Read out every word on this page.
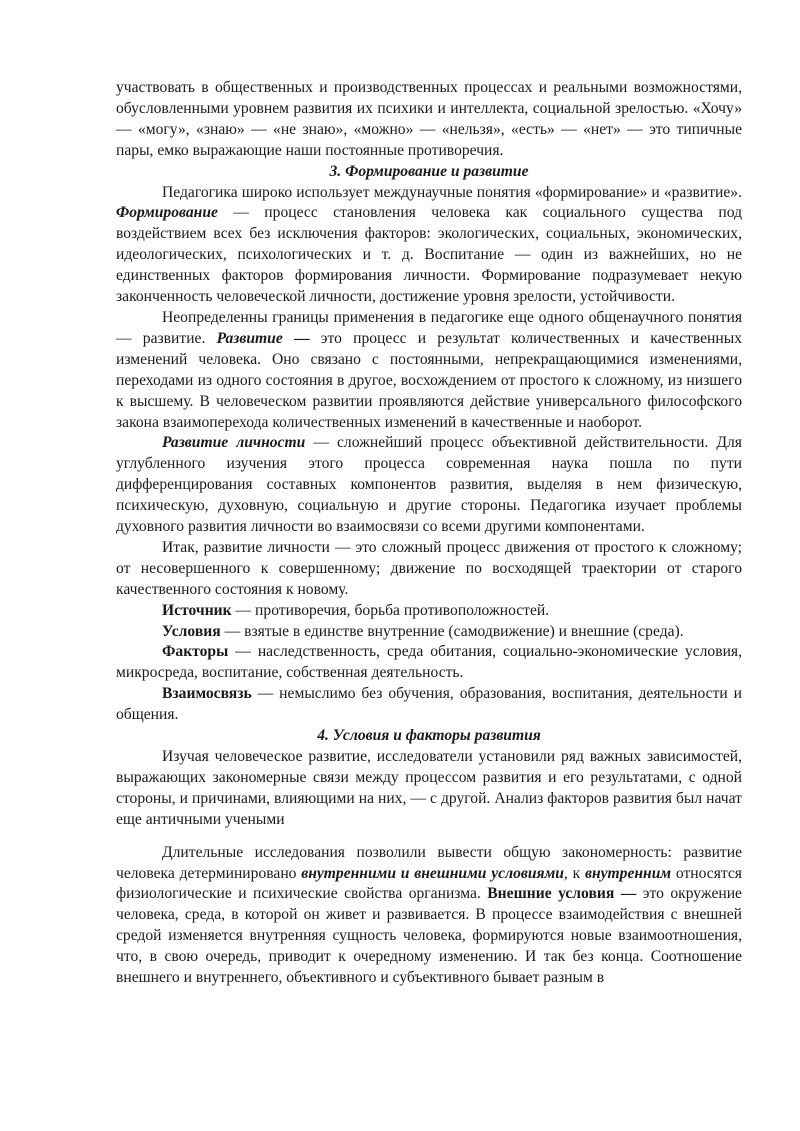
участвовать в общественных и производственных процессах и реальными возможностями, обусловленными уровнем развития их психики и интеллекта, социальной зрелостью. «Хочу» — «могу», «знаю» — «не знаю», «можно» — «нельзя», «есть» — «нет» — это типичные пары, емко выражающие наши постоянные противоречия.

3. Формирование и развитие

Педагогика широко использует междунаучные понятия «формирование» и «развитие». Формирование — процесс становления человека как социального существа под воздействием всех без исключения факторов: экологических, социальных, экономических, идеологических, психологических и т. д. Воспитание — один из важнейших, но не единственных факторов формирования личности. Формирование подразумевает некую законченность человеческой личности, достижение уровня зрелости, устойчивости.

Неопределенны границы применения в педагогике еще одного общенаучного понятия — развитие. Развитие — это процесс и результат количественных и качественных изменений человека. Оно связано с постоянными, непрекращающимися изменениями, переходами из одного состояния в другое, восхождением от простого к сложному, из низшего к высшему. В человеческом развитии проявляются действие универсального философского закона взаимоперехода количественных изменений в качественные и наоборот.

Развитие личности — сложнейший процесс объективной действительности. Для углубленного изучения этого процесса современная наука пошла по пути дифференцирования составных компонентов развития, выделяя в нем физическую, психическую, духовную, социальную и другие стороны. Педагогика изучает проблемы духовного развития личности во взаимосвязи со всеми другими компонентами.

Итак, развитие личности — это сложный процесс движения от простого к сложному; от несовершенного к совершенному; движение по восходящей траектории от старого качественного состояния к новому.

Источник — противоречия, борьба противоположностей.

Условия — взятые в единстве внутренние (самодвижение) и внешние (среда).

Факторы — наследственность, среда обитания, социально-экономические условия, микросреда, воспитание, собственная деятельность.

Взаимосвязь — немыслимо без обучения, образования, воспитания, деятельности и общения.

4. Условия и факторы развития

Изучая человеческое развитие, исследователи установили ряд важных зависимостей, выражающих закономерные связи между процессом развития и его результатами, с одной стороны, и причинами, влияющими на них, — с другой. Анализ факторов развития был начат еще античными учеными

Длительные исследования позволили вывести общую закономерность: развитие человека детерминировано внутренними и внешними условиями, к внутренним относятся физиологические и психические свойства организма. Внешние условия — это окружение человека, среда, в которой он живет и развивается. В процессе взаимодействия с внешней средой изменяется внутренняя сущность человека, формируются новые взаимоотношения, что, в свою очередь, приводит к очередному изменению. И так без конца. Соотношение внешнего и внутреннего, объективного и субъективного бывает разным в
